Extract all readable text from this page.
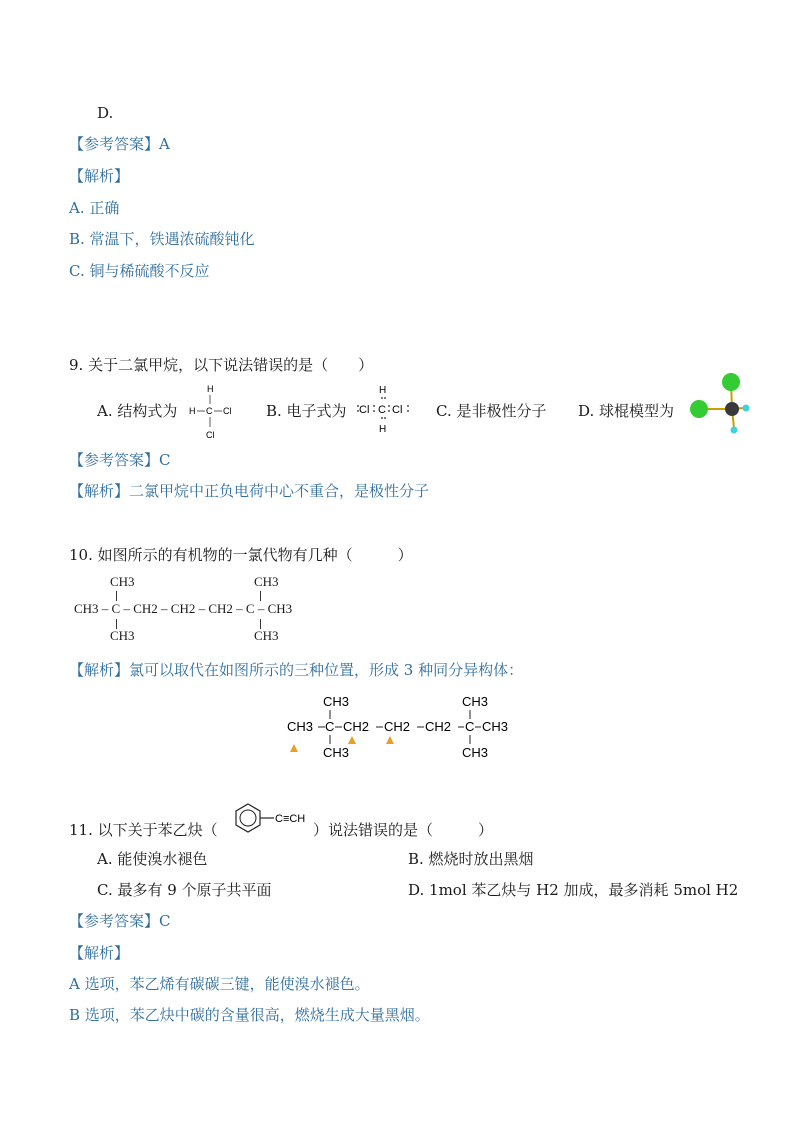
D.
【参考答案】A
【解析】
A. 正确
B. 常温下，铁遇浓硫酸钝化
C. 铜与稀硫酸不反应
9. 关于二氯甲烷，以下说法错误的是（　　）
A. 结构式为
H
H C Cl
Cl
B. 电子式为
H
Cl C Cl
H
C. 是非极性分子 D. 球棍模型为
【参考答案】C
【解析】二氯甲烷中正负电荷中心不重合，是极性分子
10. 如图所示的有机物的一氯代物有几种（　　　）
CH3
CH3 – C – CH2 – CH2 – CH2 – C – CH3
CH3
CH3
CH3
【解析】氯可以取代在如图所示的三种位置，形成 3 种同分异构体：
CH3
CH3 C CH2 CH2 CH2 C CH3
CH3
CH3	CH3
11. 以下关于苯乙炔（
C≡CH
）说法错误的是（　　　）
A. 能使溴水褪色	B. 燃烧时放出黑烟
C. 最多有 9 个原子共平面	D. 1mol 苯乙炔与 H2 加成，最多消耗 5mol H2
【参考答案】C
【解析】
A 选项，苯乙烯有碳碳三键，能使溴水褪色。
B 选项，苯乙炔中碳的含量很高，燃烧生成大量黑烟。
